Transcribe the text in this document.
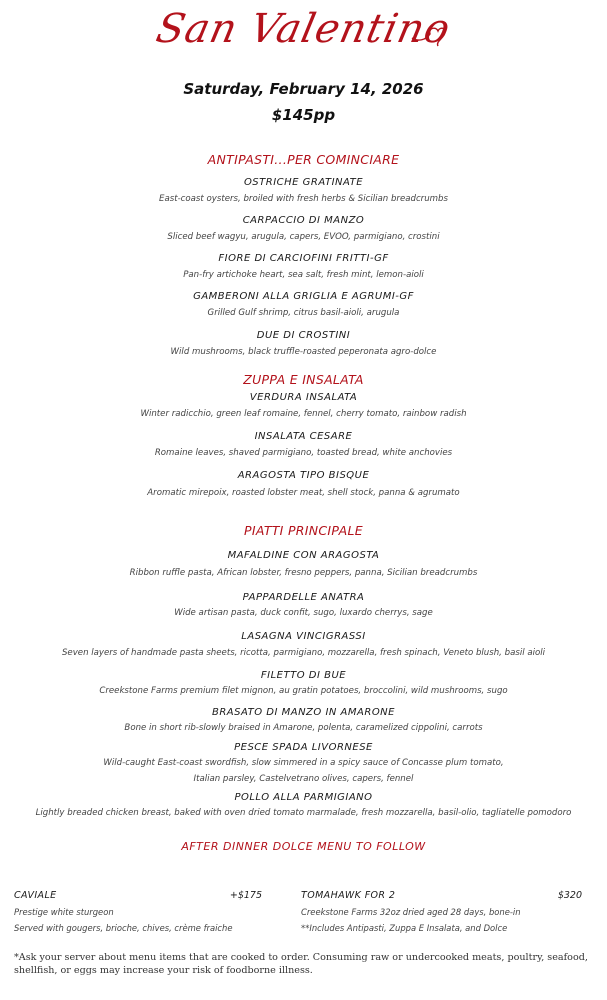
San Valentino
Saturday, February 14, 2026
$145pp
ANTIPASTI...PER COMINCIARE
OSTRICHE GRATINATE
East-coast oysters, broiled with fresh herbs & Sicilian breadcrumbs
CARPACCIO DI MANZO
Sliced beef wagyu, arugula, capers, EVOO, parmigiano, crostini
FIORE DI CARCIOFINI FRITTI-GF
Pan-fry artichoke heart, sea salt, fresh mint, lemon-aioli
GAMBERONI ALLA GRIGLIA E AGRUMI-GF
Grilled Gulf shrimp, citrus basil-aioli, arugula
DUE DI CROSTINI
Wild mushrooms, black truffle-roasted peperonata agro-dolce
ZUPPA E INSALATA
VERDURA INSALATA
Winter radicchio, green leaf romaine, fennel, cherry tomato, rainbow radish
INSALATA CESARE
Romaine leaves, shaved parmigiano, toasted bread, white anchovies
ARAGOSTA TIPO BISQUE
Aromatic mirepoix, roasted lobster meat, shell stock, panna & agrumato
PIATTI PRINCIPALE
MAFALDINE CON ARAGOSTA
Ribbon ruffle pasta, African lobster, fresno peppers, panna, Sicilian breadcrumbs
PAPPARDELLE ANATRA
Wide artisan pasta, duck confit, sugo, luxardo cherrys, sage
LASAGNA VINCIGRASSI
Seven layers of handmade pasta sheets, ricotta, parmigiano, mozzarella, fresh spinach, Veneto blush, basil aioli
FILETTO DI BUE
Creekstone Farms premium filet mignon, au gratin potatoes, broccolini, wild mushrooms, sugo
BRASATO DI MANZO IN AMARONE
Bone in short rib-slowly braised in Amarone, polenta, caramelized cippolini, carrots
PESCE SPADA LIVORNESE
Wild-caught East-coast swordfish, slow simmered in a spicy sauce of Concasse plum tomato,
Italian parsley, Castelvetrano olives, capers, fennel
POLLO ALLA PARMIGIANO
Lightly breaded chicken breast, baked with oven dried tomato marmalade, fresh mozzarella, basil-olio, tagliatelle pomodoro
AFTER DINNER DOLCE MENU TO FOLLOW
CAVIALE	+$175
Prestige white sturgeon
Served with gougers, brioche, chives, crème fraiche
TOMAHAWK FOR 2	$320
Creekstone Farms 32oz dried aged 28 days, bone-in
**Includes Antipasti, Zuppa E Insalata, and Dolce
*Ask your server about menu items that are cooked to order. Consuming raw or undercooked meats, poultry, seafood, shellfish, or eggs may increase your risk of foodborne illness.
